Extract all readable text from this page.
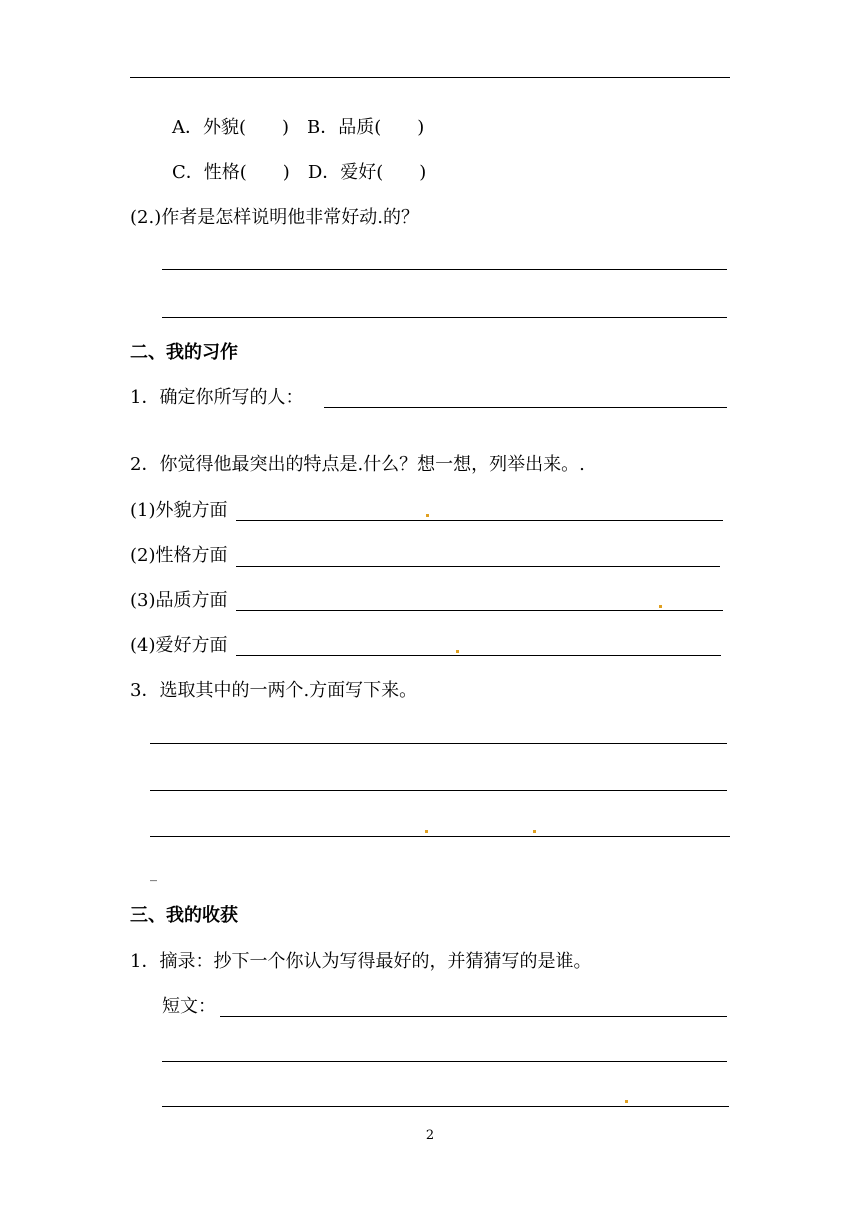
A．外貌(　　)　B．品质(　　)
C．性格(　　)　D．爱好(　　)
(2.)作者是怎样说明他非常好动.的？
二、我的习作
1．确定你所写的人：
2．你觉得他最突出的特点是.什么？想一想，列举出来。.
(1)外貌方面
(2)性格方面
(3)品质方面
(4)爱好方面
3．选取其中的一两个.方面写下来。
_
三、我的收获
1．摘录：抄下一个你认为写得最好的，并猜猜写的是谁。
短文：
2
